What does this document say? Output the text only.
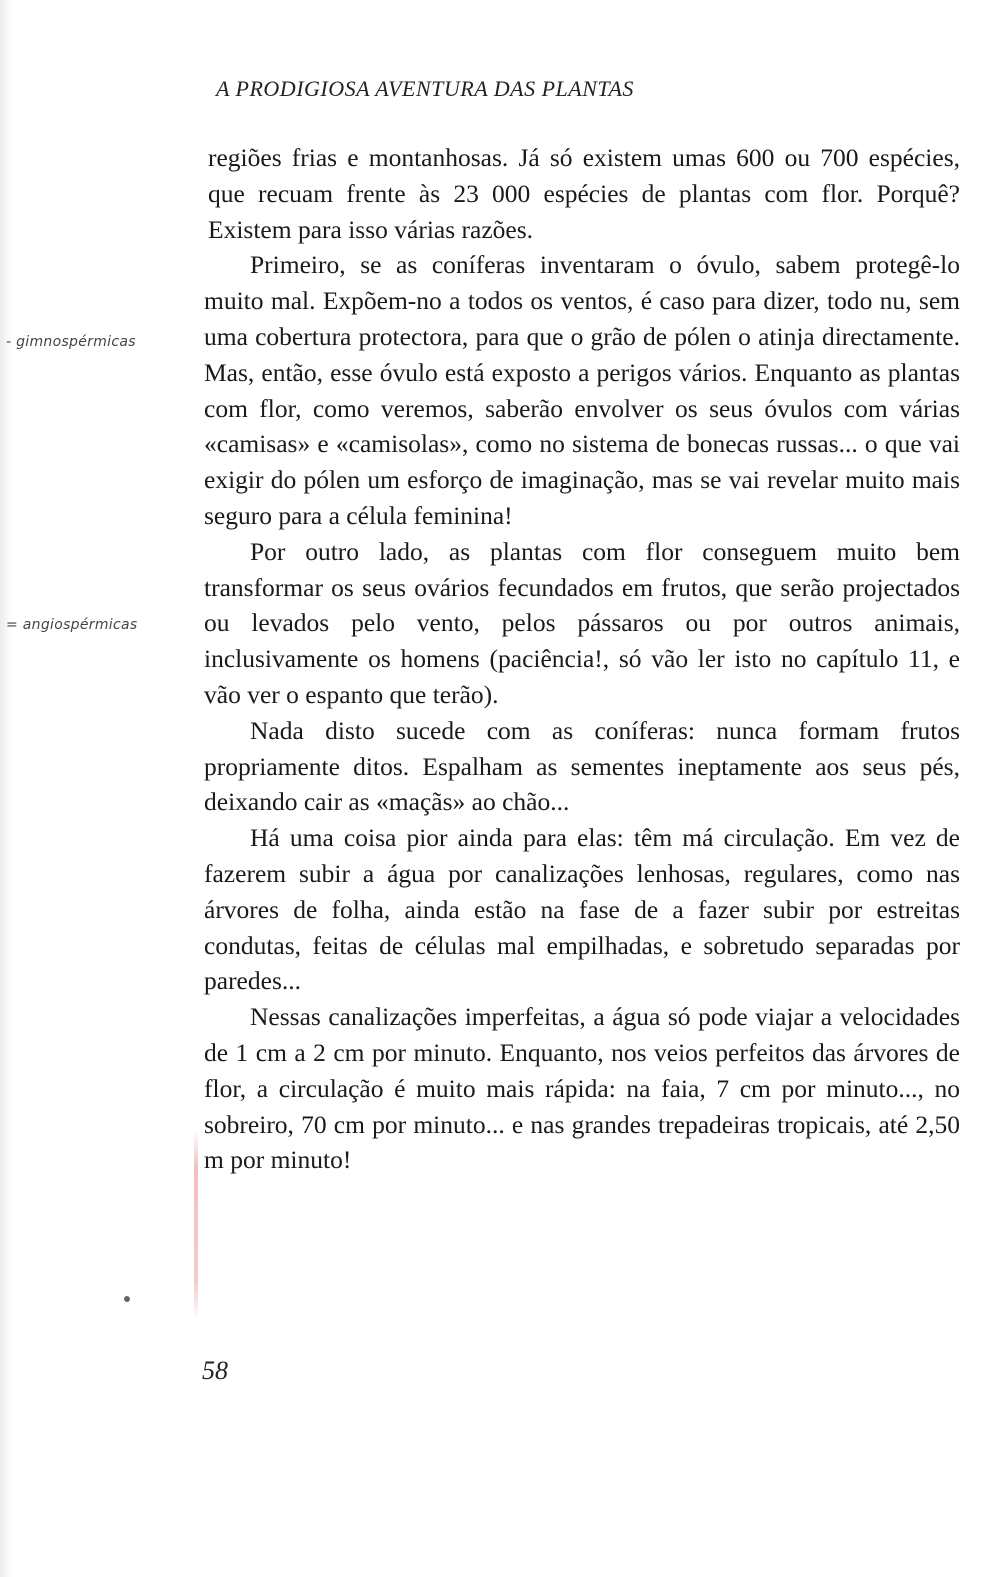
A PRODIGIOSA AVENTURA DAS PLANTAS
- gimnospérmicas
= angiospérmicas

regiões frias e montanhosas. Já só existem umas 600 ou 700 espécies, que recuam frente às 23 000 espécies de plantas com flor. Porquê? Existem para isso várias razões.

Primeiro, se as coníferas inventaram o óvulo, sabem protegê-lo muito mal. Expõem-no a todos os ventos, é caso para dizer, todo nu, sem uma cobertura protectora, para que o grão de pólen o atinja directamente. Mas, então, esse óvulo está exposto a perigos vários. Enquanto as plantas com flor, como veremos, saberão envolver os seus óvulos com várias «camisas» e «camisolas», como no sistema de bonecas russas... o que vai exigir do pólen um esforço de imaginação, mas se vai revelar muito mais seguro para a célula feminina!

Por outro lado, as plantas com flor conseguem muito bem transformar os seus ovários fecundados em frutos, que serão projectados ou levados pelo vento, pelos pássaros ou por outros animais, inclusivamente os homens (paciência!, só vão ler isto no capítulo 11, e vão ver o espanto que terão).

Nada disto sucede com as coníferas: nunca formam frutos propriamente ditos. Espalham as sementes ineptamente aos seus pés, deixando cair as «maçãs» ao chão...

Há uma coisa pior ainda para elas: têm má circulação. Em vez de fazerem subir a água por canalizações lenhosas, regulares, como nas árvores de folha, ainda estão na fase de a fazer subir por estreitas condutas, feitas de células mal empilhadas, e sobretudo separadas por paredes...

Nessas canalizações imperfeitas, a água só pode viajar a velocidades de 1 cm a 2 cm por minuto. Enquanto, nos veios perfeitos das árvores de flor, a circulação é muito mais rápida: na faia, 7 cm por minuto..., no sobreiro, 70 cm por minuto... e nas grandes trepadeiras tropicais, até 2,50 m por minuto!

58
